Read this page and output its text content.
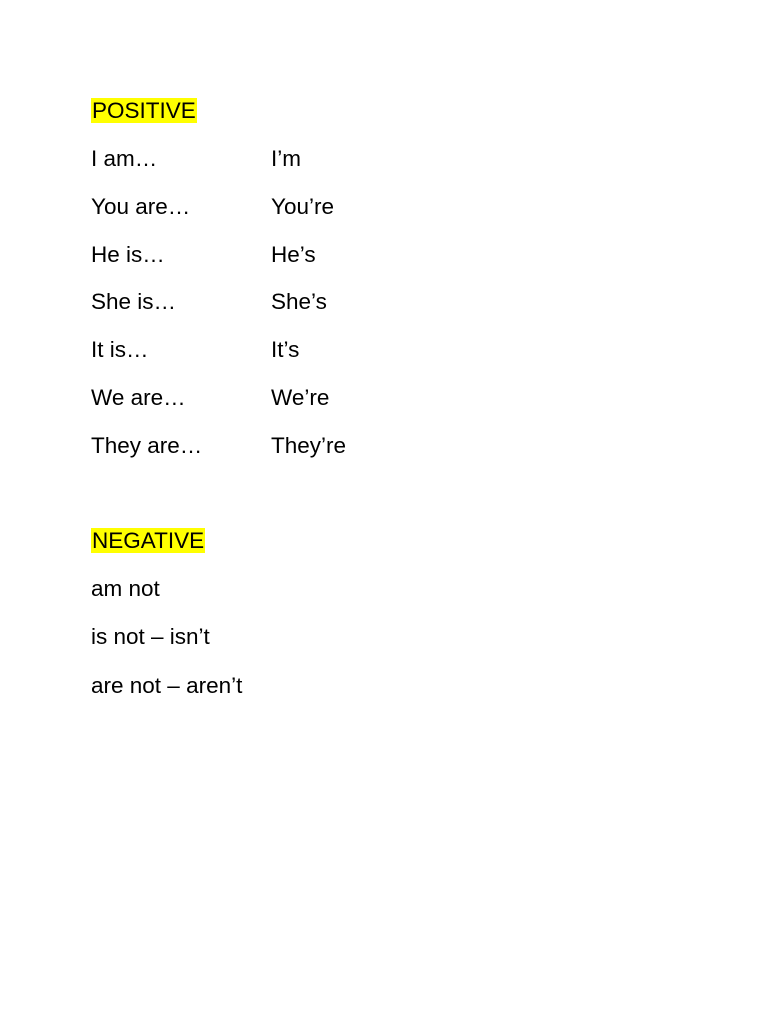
POSITIVE
I am…	I’m
You are…	You’re
He is…	He’s
She is…	She’s
It is…	It’s
We are…	We’re
They are…	They’re
NEGATIVE
am not
is not – isn’t
are not – aren’t
